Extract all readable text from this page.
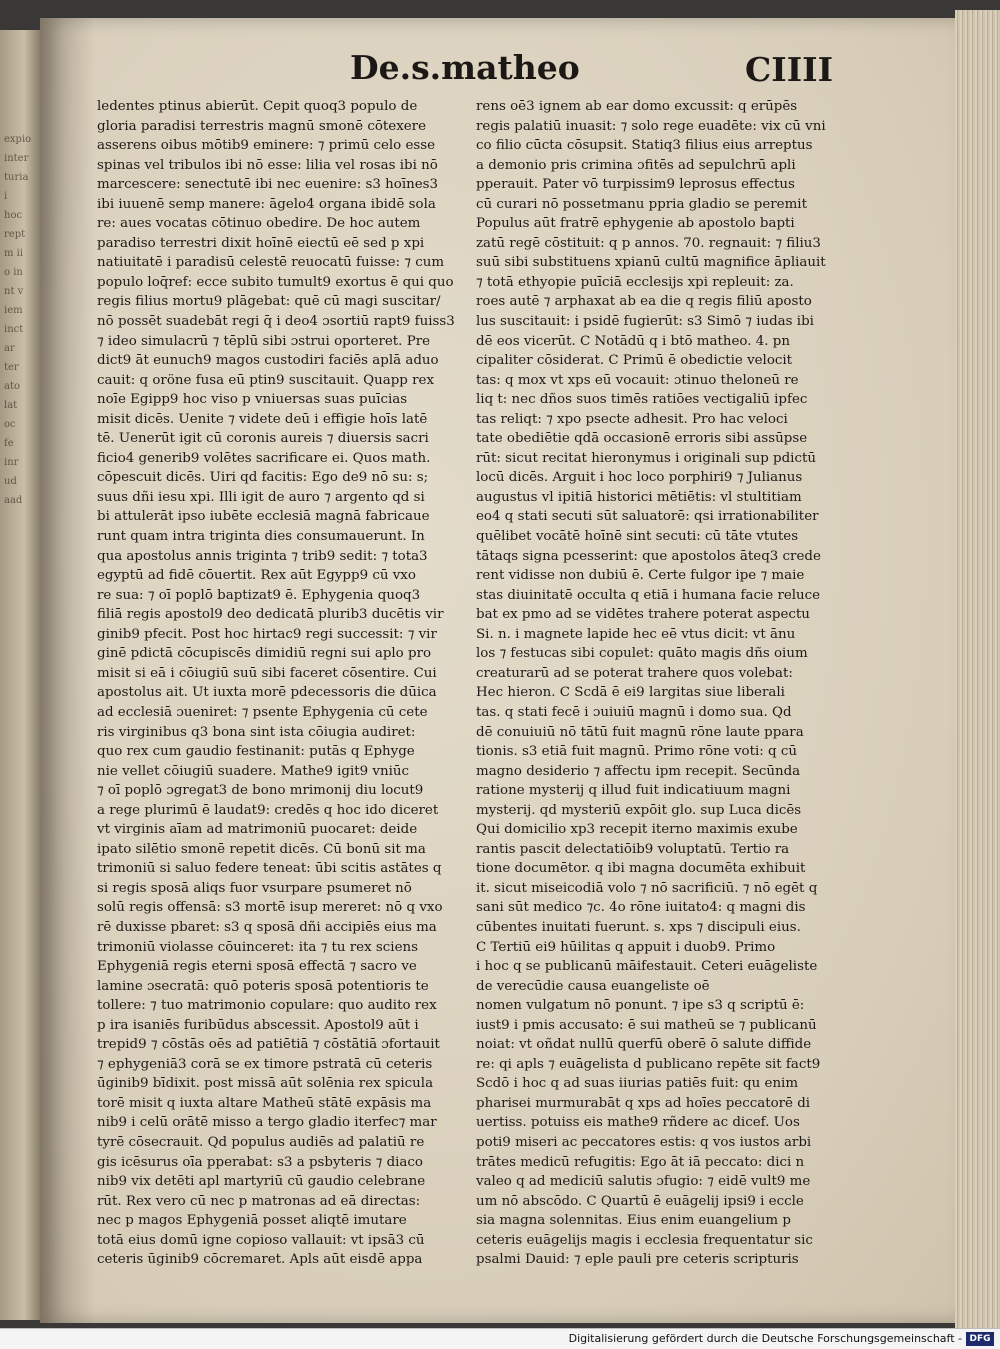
expio
inter
turia
i
hoc
rept
m ii
o in
nt v
iem
inct
ar
ter
ato
lat
oc
fe
inr
ud
aad
De.s.matheo	CIIII
ledentes ptinus abierūt. Cepit quoq3 populo de
gloria paradisi terrestris magnū smonē cōtexere
asserens oibus mōtib9 eminere: ⁊ primū celo esse
spinas vel tribulos ibi nō esse: lilia vel rosas ibi nō
marcescere: senectutē ibi nec euenire: s3 hoīnes3
ibi iuuenē semp manere: āgelo4 organa ibidē sola
re: aues vocatas cōtinuo obedire. De hoc autem
paradiso terrestri dixit hoīnē eiectū eē sed p xpi
natiuitatē i paradisū celestē reuocatū fuisse: ⁊ cum
populo loq̄ref: ecce subito tumult9 exortus ē qui quo
regis filius mortu9 plāgebat: quē cū magi suscitar/
nō possēt suadebāt regi q̄ i deo4 ɔsortiū rapt9 fuiss3
⁊ ideo simulacrū ⁊ tēplū sibi ɔstrui oporteret. Pre
dict9 āt eunuch9 magos custodiri faciēs aplā aduo
cauit: q oröne fusa eū ptin9 suscitauit. Quapp rex
noīe Egipp9 hoc viso p vniuersas suas puīcias
misit dicēs. Uenite ⁊ videte deū i effigie hoīs latē
tē. Uenerūt igit cū coronis aureis ⁊ diuersis sacri
ficio4 generib9 volētes sacrificare ei. Quos math.
cōpescuit dicēs. Uiri qd facitis: Ego de9 nō su: s;
suus dñi iesu xpi. Illi igit de auro ⁊ argento qd si
bi attulerāt ipso iubēte ecclesiā magnā fabricaue
runt quam intra triginta dies consumauerunt. In
qua apostolus annis triginta ⁊ trib9 sedit: ⁊ tota3
egyptū ad fidē cōuertit. Rex aūt Egypp9 cū vxo
re sua: ⁊ oī poplō baptizat9 ē. Ephygenia quoq3
filiā regis apostol9 deo dedicatā plurib3 ducētis vir
ginib9 pfecit. Post hoc hirtac9 regi successit: ⁊ vir
ginē pdictā cōcupiscēs dimidiū regni sui aplo pro
misit si eā i cōiugiū suū sibi faceret cōsentire. Cui
apostolus ait. Ut iuxta morē pdecessoris die dūica
ad ecclesiā ɔueniret: ⁊ psente Ephygenia cū cete
ris virginibus q3 bona sint ista cōiugia audiret:
quo rex cum gaudio festinanit: putās q Ephyge
nie vellet cōiugiū suadere. Mathe9 igit9 vniūc
⁊ oī poplō ɔgregat3 de bono mrimonij diu locut9
a rege plurimū ē laudat9: credēs q hoc ido diceret
vt virginis aīam ad matrimoniū puocaret: deide
ipato silētio smonē repetit dicēs. Cū bonū sit ma
trimoniū si saluo federe teneat: ūbi scitis astātes q
si regis sposā aliqs fuor vsurpare psumeret nō
solū regis offensā: s3 mortē isup mereret: nō q vxo
rē duxisse pbaret: s3 q sposā dñi accipiēs eius ma
trimoniū violasse cōuinceret: ita ⁊ tu rex sciens
Ephygeniā regis eterni sposā effectā ⁊ sacro ve
lamine ɔsecratā: quō poteris sposā potentioris te
tollere: ⁊ tuo matrimonio copulare: quo audito rex
p ira isaniēs furibūdus abscessit. Apostol9 aūt i
trepid9 ⁊ cōstās oēs ad patiētiā ⁊ cōstātiā ɔfortauit
⁊ ephygeniā3 corā se ex timore pstratā cū ceteris
ūginib9 bīdixit. post missā aūt solēnia rex spicula
torē misit q iuxta altare Matheū stātē expāsis ma
nib9 i celū orātē misso a tergo gladio iterfec⁊ mar
tyrē cōsecrauit. Qd populus audiēs ad palatiū re
gis icēsurus oīa pperabat: s3 a psbyteris ⁊ diaco
nib9 vix detēti apl martyriū cū gaudio celebrane
rūt. Rex vero cū nec p matronas ad eā directas:
nec p magos Ephygeniā posset aliqtē imutare
totā eius domū igne copioso vallauit: vt ipsā3 cū
ceteris ūginib9 cōcremaret. Apls aūt eisdē appa
rens oē3 ignem ab ear domo excussit: q erūpēs
regis palatiū inuasit: ⁊ solo rege euadēte: vix cū vni
co filio cūcta cōsupsit. Statiq3 filius eius arreptus
a demonio pris crimina ɔfitēs ad sepulchrū apli
pperauit. Pater vō turpissim9 leprosus effectus
cū curari nō possetmanu ppria gladio se peremit
Populus aūt fratrē ephygenie ab apostolo bapti
zatū regē cōstituit: q p annos. 70. regnauit: ⁊ filiu3
suū sibi substituens xpianū cultū magnifice āpliauit
⁊ totā ethyopie puīciā ecclesijs xpi repleuit: za.
roes autē ⁊ arphaxat ab ea die q regis filiū aposto
lus suscitauit: i psidē fugierūt: s3 Simō ⁊ iudas ibi
dē eos vicerūt. C Notādū q i btō matheo. 4. pn
cipaliter cōsiderat. C Primū ē obedictie velocit
tas: q mox vt xps eū vocauit: ɔtinuo theloneū re
liq t: nec dños suos timēs ratiōes vectigaliū ipfec
tas reliqt: ⁊ xpo psecte adhesit. Pro hac veloci
tate obediētie qdā occasionē erroris sibi assūpse
rūt: sicut recitat hieronymus i originali sup pdictū
locū dicēs. Arguit i hoc loco porphiri9 ⁊ Julianus
augustus vl ipitiā historici mētiētis: vl stultitiam
eo4 q stati secuti sūt saluatorē: qsi irrationabiliter
quēlibet vocātē hoīnē sint secuti: cū tāte vtutes
tātaqs signa pcesserint: que apostolos āteq3 crede
rent vidisse non dubiū ē. Certe fulgor ipe ⁊ maie
stas diuinitatē occulta q etiā i humana facie reluce
bat ex pmo ad se vidētes trahere poterat aspectu
Si. n. i magnete lapide hec eē vtus dicit: vt ānu
los ⁊ festucas sibi copulet: quāto magis dñs oium
creaturarū ad se poterat trahere quos volebat:
Hec hieron. C Scdā ē ei9 largitas siue liberali
tas. q stati fecē i ɔuiuiū magnū i domo sua. Qd
dē conuiuiū nō tātū fuit magnū rōne laute ppara
tionis. s3 etiā fuit magnū. Primo rōne voti: q cū
magno desiderio ⁊ affectu ipm recepit. Secūnda
ratione mysterij q illud fuit indicatiuum magni
mysterij. qd mysteriū expōit glo. sup Luca dicēs
Qui domicilio xp3 recepit iterno maximis exube
rantis pascit delectatiōib9 voluptatū. Tertio ra
tione documētor. q ibi magna documēta exhibuit
it. sicut miseicodiā volo ⁊ nō sacrificiū. ⁊ nō egēt q
sani sūt medico ⁊c. 4o rōne iuitato4: q magni dis
cūbentes inuitati fuerunt. s. xps ⁊ discipuli eius.
C Tertiū ei9 hūilitas q appuit i duob9. Primo
i hoc q se publicanū māifestauit. Ceteri euāgeliste
de verecūdie causa euangeliste oē
nomen vulgatum nō ponunt. ⁊ ipe s3 q scriptū ē:
iust9 i pmis accusato: ē sui matheū se ⁊ publicanū
noiat: vt oñdat nullū querfū oberē ō salute diffide
re: qi apls ⁊ euāgelista d publicano repēte sit fact9
Scdō i hoc q ad suas iiurias patiēs fuit: qu enim
pharisei murmurabāt q xps ad hoīes peccatorē di
uertiss. potuiss eis mathe9 rñdere ac dicef. Uos
poti9 miseri ac peccatores estis: q vos iustos arbi
trātes medicū refugitis: Ego āt iā peccato: dici n
valeo q ad mediciū salutis ɔfugio: ⁊ eidē vult9 me
um nō abscōdo. C Quartū ē euāgelij ipsi9 i eccle
sia magna solennitas. Eius enim euangelium p
ceteris euāgelijs magis i ecclesia frequentatur sic
psalmi Dauid: ⁊ eple pauli pre ceteris scripturis
Digitalisierung gefördert durch die Deutsche Forschungsgemeinschaft - DFG
